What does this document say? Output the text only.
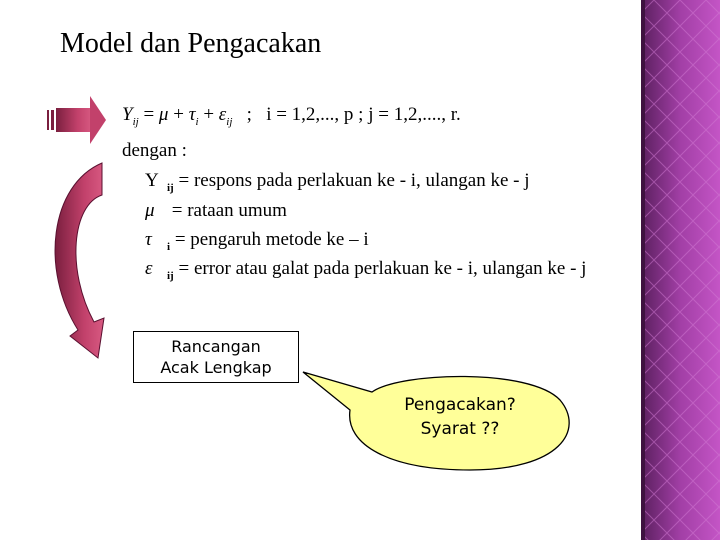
Model dan Pengacakan
$Y_{ij} = \mu + \tau_i + \varepsilon_{ij}$ ; i = 1,2,..., p ; j = 1,2,...., r.
dengan :
Y $_{ij}$ = respons pada perlakuan ke - i, ulangan ke - j
μ = rataan umum
τ $_i$ = pengaruh metode ke – i
ε $_{ij}$ = error atau galat pada perlakuan ke - i, ulangan ke - j
Rancangan
Acak Lengkap
Pengacakan?
Syarat ??
